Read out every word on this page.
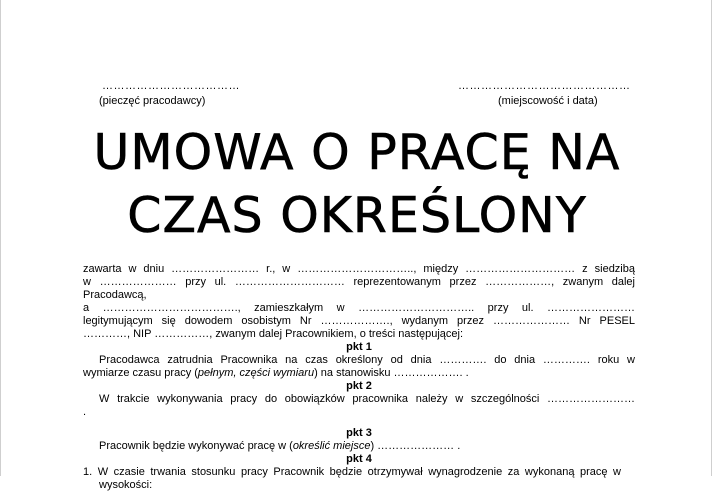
………………………………
(pieczęć pracodawcy)
………………………………………
(miejscowość i data)
UMOWA O PRACĘ NA
CZAS OKREŚLONY
zawarta w dniu …………………… r., w ………………………….., między ………………………… z siedzibą
w ………………… przy ul. ………………………… reprezentowanym przez ………………, zwanym dalej
Pracodawcą,
a ………………………………., zamieszkałym w ………………………….. przy ul. ……………………
legitymującym się dowodem osobistym Nr ………………., wydanym przez ………………… Nr PESEL
…………, NIP ……………, zwanym dalej Pracownikiem, o treści następującej:
pkt 1
Pracodawca zatrudnia Pracownika na czas określony od dnia …………. do dnia …………. roku w
wymiarze czasu pracy (pełnym, części wymiaru) na stanowisku ………………. .
pkt 2
W trakcie wykonywania pracy do obowiązków pracownika należy w szczególności ……………………
.
pkt 3
Pracownik będzie wykonywać pracę w (określić miejsce) ………………… .
pkt 4
1. W czasie trwania stosunku pracy Pracownik będzie otrzymywał wynagrodzenie za wykonaną pracę w
wysokości:
